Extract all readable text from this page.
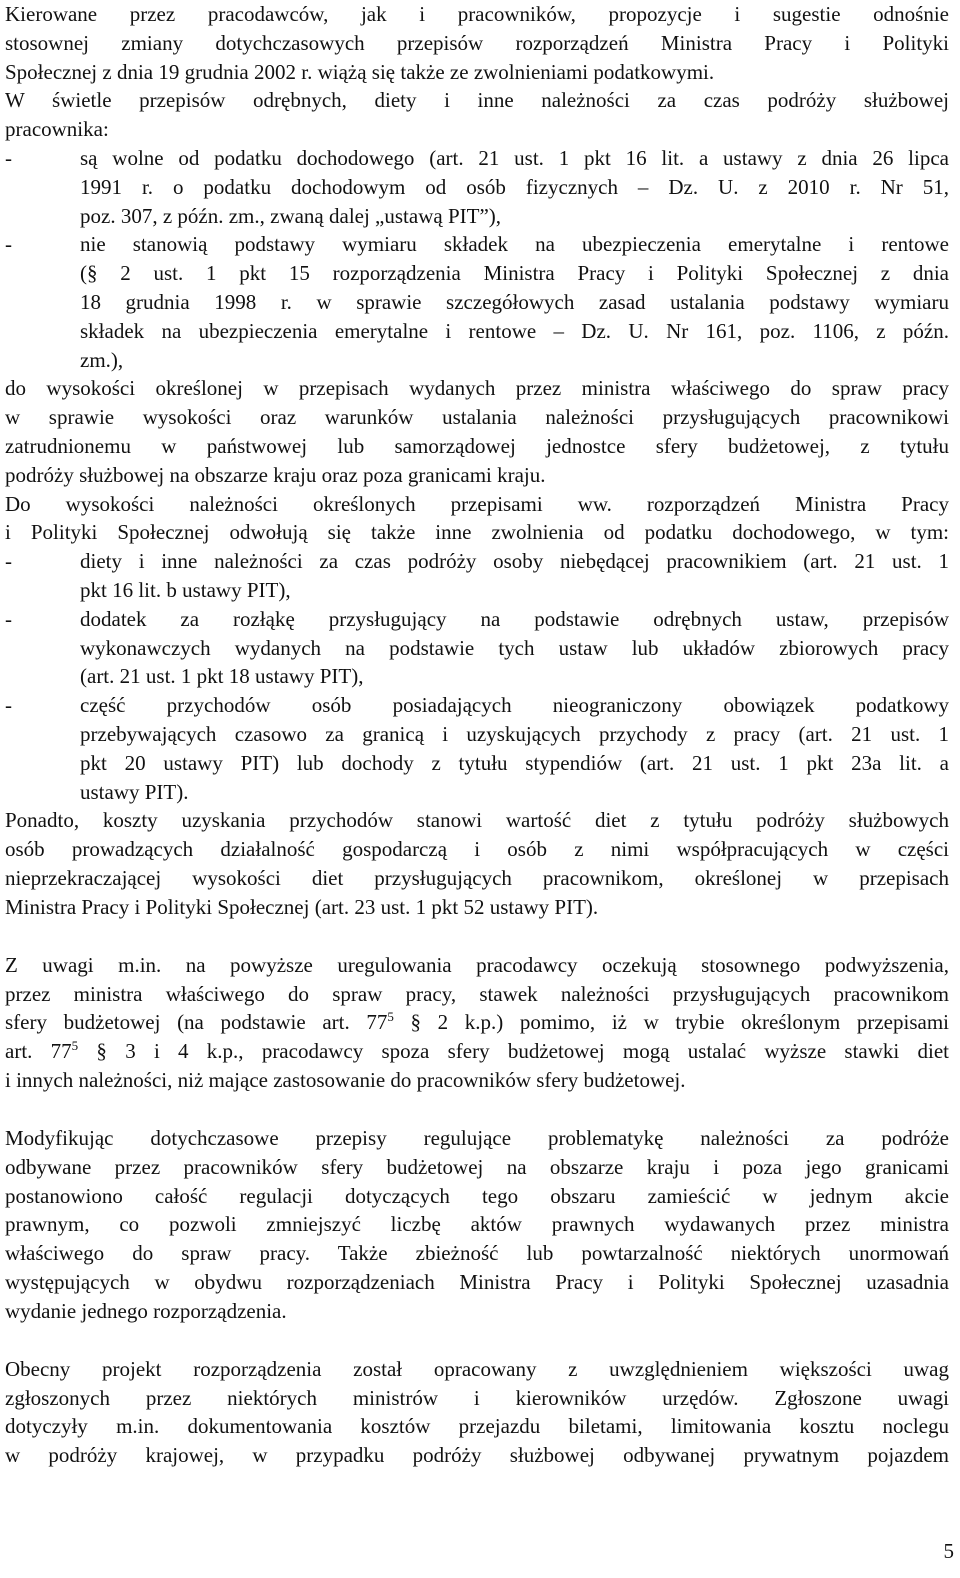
Kierowane przez pracodawców, jak i pracowników, propozycje i sugestie odnośnie
stosownej zmiany dotychczasowych przepisów rozporządzeń Ministra Pracy i Polityki
Społecznej z dnia 19 grudnia 2002 r. wiążą się także ze zwolnieniami podatkowymi.
W świetle przepisów odrębnych, diety i inne należności za czas podróży służbowej
pracownika:
są wolne od podatku dochodowego (art. 21 ust. 1 pkt 16 lit. a ustawy z dnia 26 lipca
-
1991 r. o podatku dochodowym od osób fizycznych – Dz. U. z 2010 r. Nr 51,
poz. 307, z późn. zm., zwaną dalej „ustawą PIT”),
nie stanowią podstawy wymiaru składek na ubezpieczenia emerytalne i rentowe
-
(§ 2 ust. 1 pkt 15 rozporządzenia Ministra Pracy i Polityki Społecznej z dnia
18 grudnia 1998 r. w sprawie szczegółowych zasad ustalania podstawy wymiaru
składek na ubezpieczenia emerytalne i rentowe – Dz. U. Nr 161, poz. 1106, z późn.
zm.),
do wysokości określonej w przepisach wydanych przez ministra właściwego do spraw pracy
w sprawie wysokości oraz warunków ustalania należności przysługujących pracownikowi
zatrudnionemu w państwowej lub samorządowej jednostce sfery budżetowej, z tytułu
podróży służbowej na obszarze kraju oraz poza granicami kraju.
Do wysokości należności określonych przepisami ww. rozporządzeń Ministra Pracy
i Polityki Społecznej odwołują się także inne zwolnienia od podatku dochodowego, w tym:
diety i inne należności za czas podróży osoby niebędącej pracownikiem (art. 21 ust. 1
-
pkt 16 lit. b ustawy PIT),
dodatek za rozłąkę przysługujący na podstawie odrębnych ustaw, przepisów
-
wykonawczych wydanych na podstawie tych ustaw lub układów zbiorowych pracy
(art. 21 ust. 1 pkt 18 ustawy PIT),
część przychodów osób posiadających nieograniczony obowiązek podatkowy
-
przebywających czasowo za granicą i uzyskujących przychody z pracy (art. 21 ust. 1
pkt 20 ustawy PIT) lub dochody z tytułu stypendiów (art. 21 ust. 1 pkt 23a lit. a
ustawy PIT).
Ponadto, koszty uzyskania przychodów stanowi wartość diet z tytułu podróży służbowych
osób prowadzących działalność gospodarczą i osób z nimi współpracujących w części
nieprzekraczającej wysokości diet przysługujących pracownikom, określonej w przepisach
Ministra Pracy i Polityki Społecznej (art. 23 ust. 1 pkt 52 ustawy PIT).
Z uwagi m.in. na powyższe uregulowania pracodawcy oczekują stosownego podwyższenia,
przez ministra właściwego do spraw pracy, stawek należności przysługujących pracownikom
sfery budżetowej (na podstawie art. $77^5$ § 2 k.p.) pomimo, iż w trybie określonym przepisami
art. $77^5$ § 3 i 4 k.p., pracodawcy spoza sfery budżetowej mogą ustalać wyższe stawki diet
i innych należności, niż mające zastosowanie do pracowników sfery budżetowej.
Modyfikując dotychczasowe przepisy regulujące problematykę należności za podróże
odbywane przez pracowników sfery budżetowej na obszarze kraju i poza jego granicami
postanowiono całość regulacji dotyczących tego obszaru zamieścić w jednym akcie
prawnym, co pozwoli zmniejszyć liczbę aktów prawnych wydawanych przez ministra
właściwego do spraw pracy. Także zbieżność lub powtarzalność niektórych unormowań
występujących w obydwu rozporządzeniach Ministra Pracy i Polityki Społecznej uzasadnia
wydanie jednego rozporządzenia.
Obecny projekt rozporządzenia został opracowany z uwzględnieniem większości uwag
zgłoszonych przez niektórych ministrów i kierowników urzędów. Zgłoszone uwagi
dotyczyły m.in. dokumentowania kosztów przejazdu biletami, limitowania kosztu noclegu
w podróży krajowej, w przypadku podróży służbowej odbywanej prywatnym pojazdem
5
